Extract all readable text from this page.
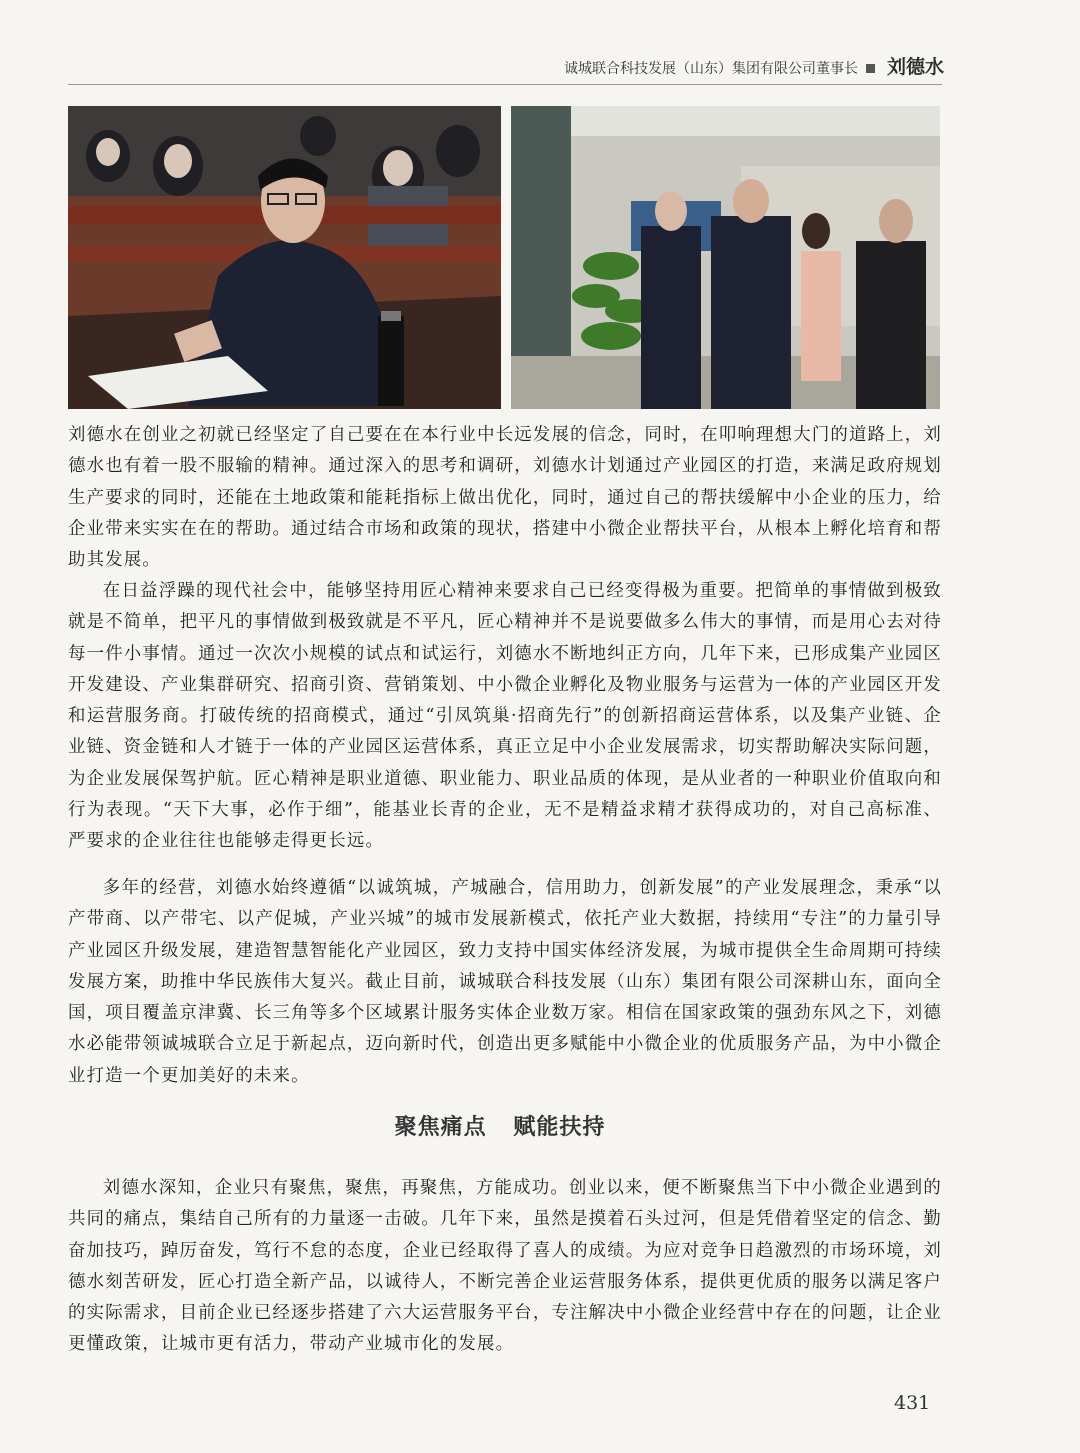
诚城联合科技发展（山东）集团有限公司董事长 刘德水

刘德水在创业之初就已经坚定了自己要在在本行业中长远发展的信念，同时，在叩响理想大门的道路上，刘德水也有着一股不服输的精神。通过深入的思考和调研，刘德水计划通过产业园区的打造，来满足政府规划生产要求的同时，还能在土地政策和能耗指标上做出优化，同时，通过自己的帮扶缓解中小企业的压力，给企业带来实实在在的帮助。通过结合市场和政策的现状，搭建中小微企业帮扶平台，从根本上孵化培育和帮助其发展。

在日益浮躁的现代社会中，能够坚持用匠心精神来要求自己已经变得极为重要。把简单的事情做到极致就是不简单，把平凡的事情做到极致就是不平凡，匠心精神并不是说要做多么伟大的事情，而是用心去对待每一件小事情。通过一次次小规模的试点和试运行，刘德水不断地纠正方向，几年下来，已形成集产业园区开发建设、产业集群研究、招商引资、营销策划、中小微企业孵化及物业服务与运营为一体的产业园区开发和运营服务商。打破传统的招商模式，通过“引凤筑巢·招商先行”的创新招商运营体系，以及集产业链、企业链、资金链和人才链于一体的产业园区运营体系，真正立足中小企业发展需求，切实帮助解决实际问题，为企业发展保驾护航。匠心精神是职业道德、职业能力、职业品质的体现，是从业者的一种职业价值取向和行为表现。“天下大事，必作于细”，能基业长青的企业，无不是精益求精才获得成功的，对自己高标准、严要求的企业往往也能够走得更长远。

多年的经营，刘德水始终遵循“以诚筑城，产城融合，信用助力，创新发展”的产业发展理念，秉承“以产带商、以产带宅、以产促城，产业兴城”的城市发展新模式，依托产业大数据，持续用“专注”的力量引导产业园区升级发展，建造智慧智能化产业园区，致力支持中国实体经济发展，为城市提供全生命周期可持续发展方案，助推中华民族伟大复兴。截止目前，诚城联合科技发展（山东）集团有限公司深耕山东，面向全国，项目覆盖京津冀、长三角等多个区域累计服务实体企业数万家。相信在国家政策的强劲东风之下，刘德水必能带领诚城联合立足于新起点，迈向新时代，创造出更多赋能中小微企业的优质服务产品，为中小微企业打造一个更加美好的未来。

聚焦痛点 赋能扶持

刘德水深知，企业只有聚焦，聚焦，再聚焦，方能成功。创业以来，便不断聚焦当下中小微企业遇到的共同的痛点，集结自己所有的力量逐一击破。几年下来，虽然是摸着石头过河，但是凭借着坚定的信念、勤奋加技巧，踔厉奋发，笃行不怠的态度，企业已经取得了喜人的成绩。为应对竞争日趋激烈的市场环境，刘德水刻苦研发，匠心打造全新产品，以诚待人，不断完善企业运营服务体系，提供更优质的服务以满足客户的实际需求，目前企业已经逐步搭建了六大运营服务平台，专注解决中小微企业经营中存在的问题，让企业更懂政策，让城市更有活力，带动产业城市化的发展。

431
